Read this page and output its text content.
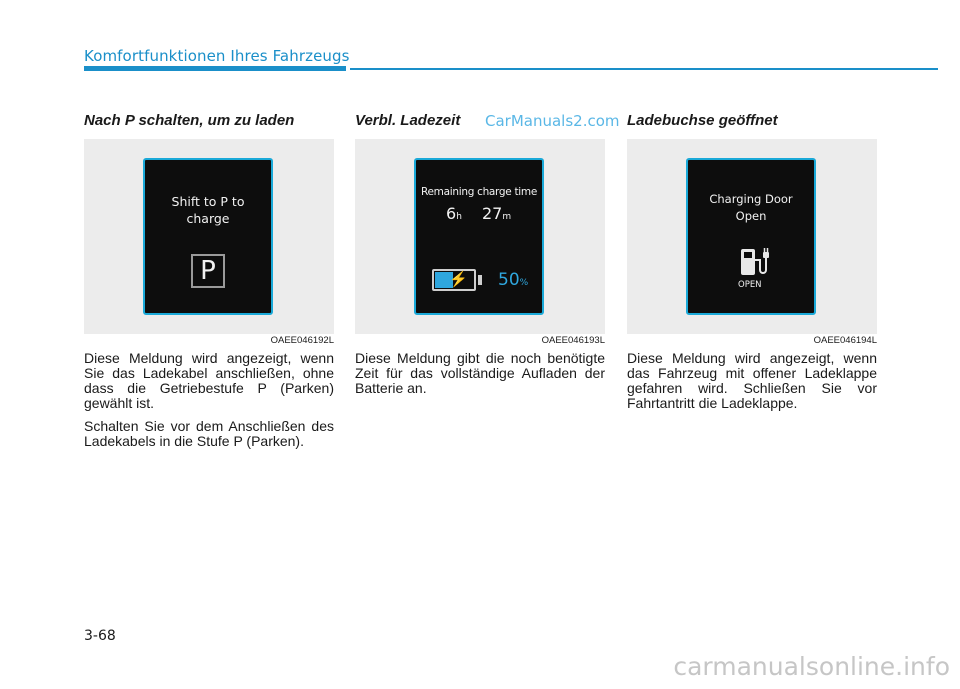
Komfortfunktionen Ihres Fahrzeugs
Nach P schalten, um zu laden
Shift to P to
charge
P
OAEE046192L

Diese Meldung wird angezeigt, wenn Sie das Ladekabel anschließen, ohne dass die Getriebestufe P (Parken) gewählt ist.

Schalten Sie vor dem Anschließen des Ladekabels in die Stufe P (Parken).

Verbl. Ladezeit	CarManuals2.com
Remaining charge time
6h 27m
⚡ 50%
OAEE046193L

Diese Meldung gibt die noch benötigte Zeit für das vollständige Aufladen der Batterie an.

Ladebuchse geöffnet
Charging Door
Open
OPEN
OAEE046194L

Diese Meldung wird angezeigt, wenn das Fahrzeug mit offener Ladeklappe gefahren wird. Schließen Sie vor Fahrtantritt die Ladeklappe.

3-68
carmanualsonline.info
